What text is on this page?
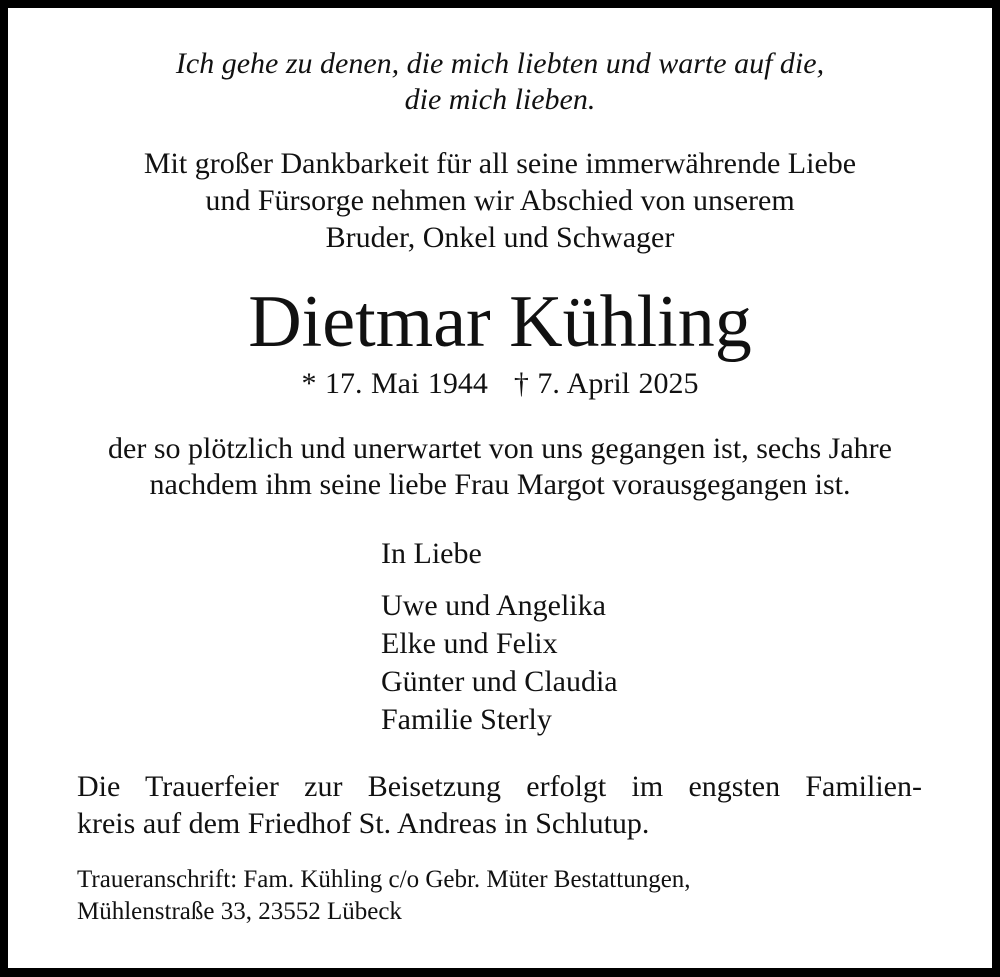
Ich gehe zu denen, die mich liebten und warte auf die,
die mich lieben.
Mit großer Dankbarkeit für all seine immerwährende Liebe
und Fürsorge nehmen wir Abschied von unserem
Bruder, Onkel und Schwager
Dietmar Kühling
* 17. Mai 1944 † 7. April 2025
der so plötzlich und unerwartet von uns gegangen ist, sechs Jahre
nachdem ihm seine liebe Frau Margot vorausgegangen ist.
In Liebe
Uwe und Angelika
Elke und Felix
Günter und Claudia
Familie Sterly
Die Trauerfeier zur Beisetzung erfolgt im engsten Familien-
kreis auf dem Friedhof St. Andreas in Schlutup.
Traueranschrift: Fam. Kühling c/o Gebr. Müter Bestattungen,
Mühlenstraße 33, 23552 Lübeck
